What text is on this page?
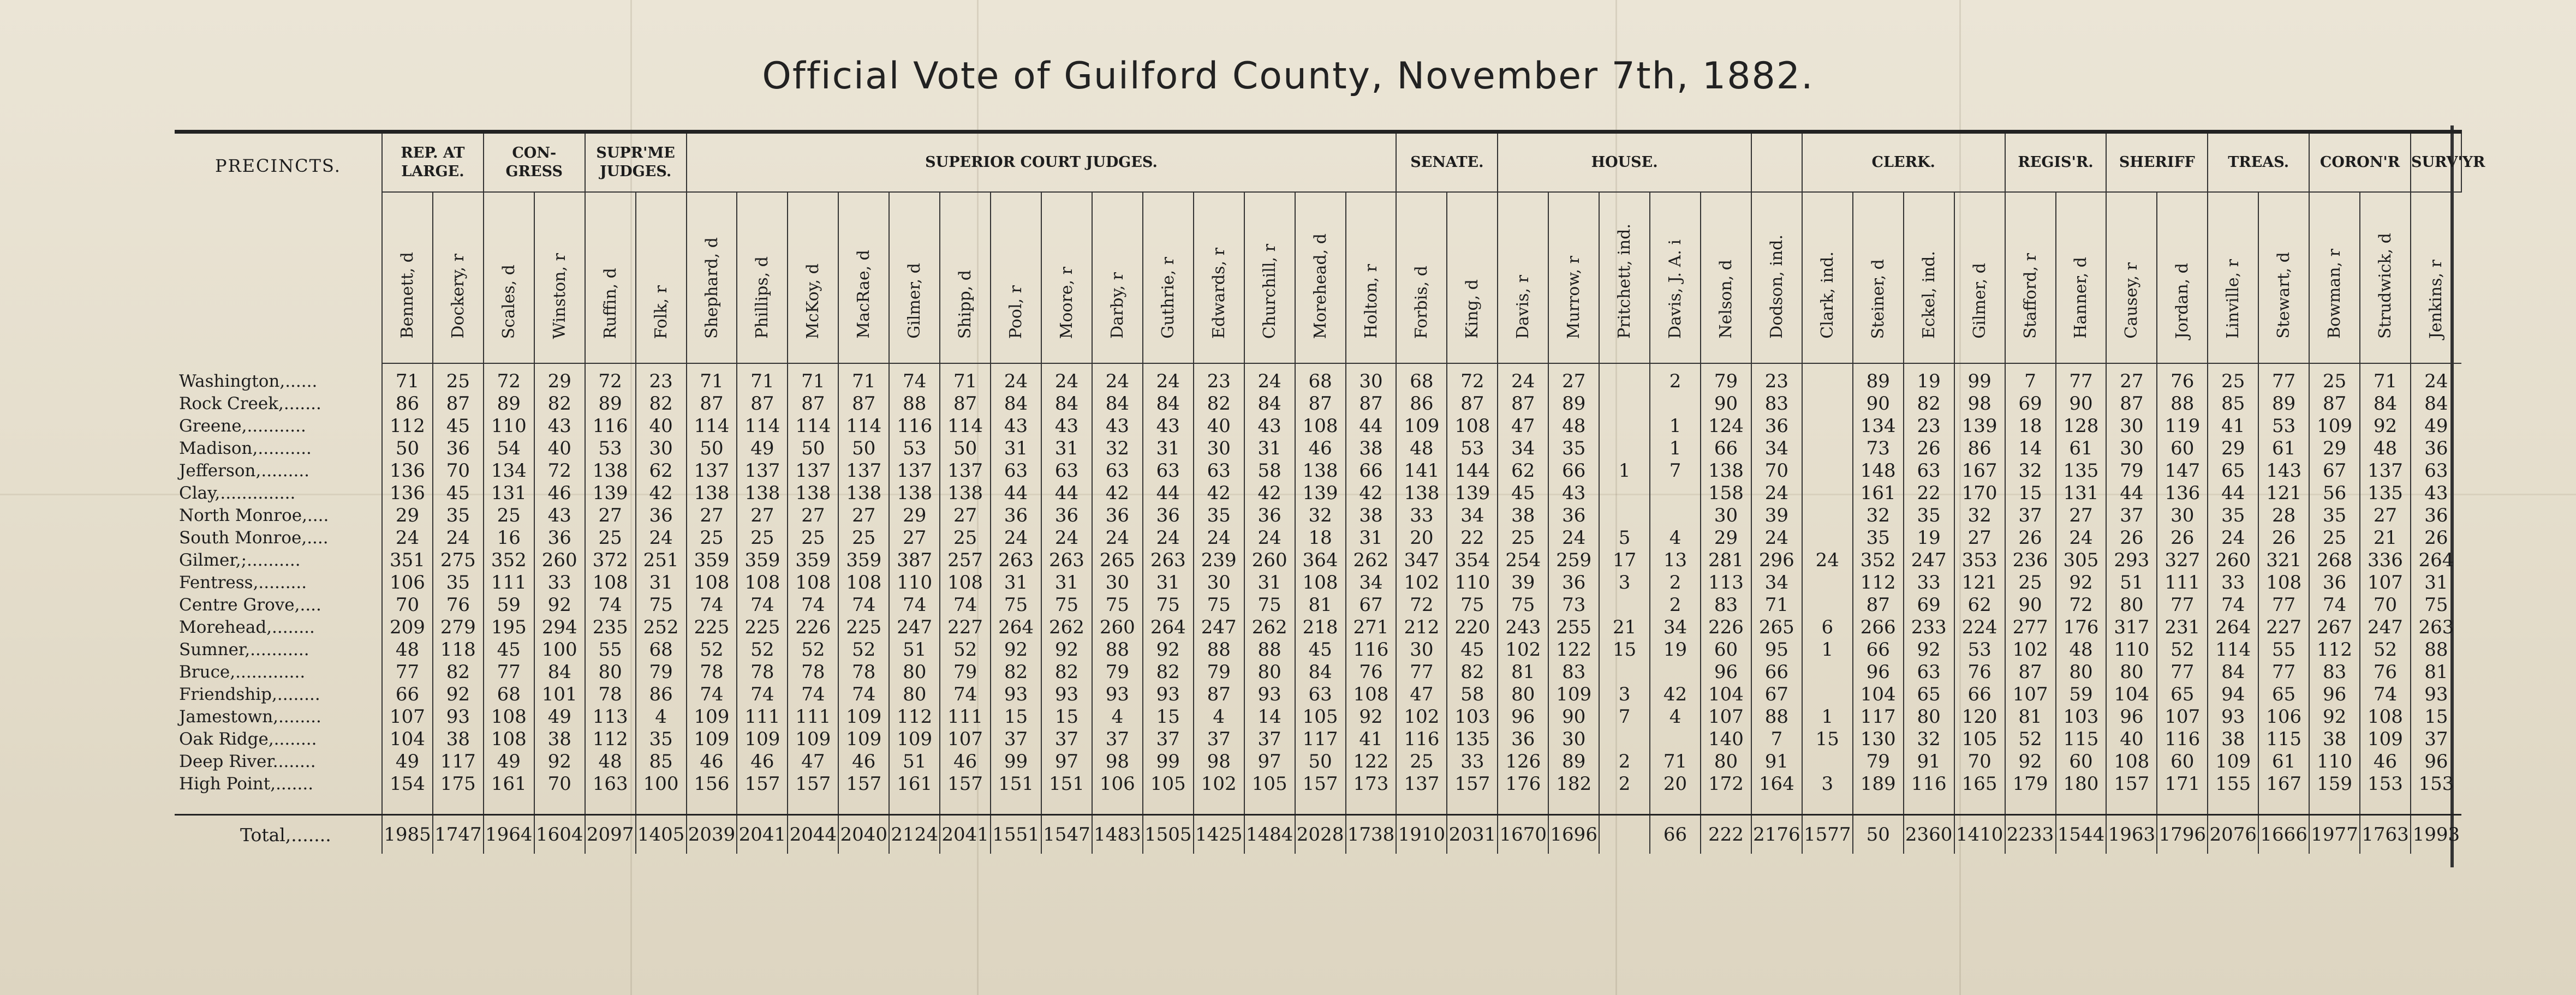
Official Vote of Guilford County, November 7th, 1882.
PRECINCTS.	REP. AT LARGE.		CON- GRESS		SUPR'ME JUDGES.		SUPERIOR COURT JUDGES.														SENATE.		HOUSE.						CLERK.				REGIS'R.		SHERIFF		TREAS.		CORON'R		SURV'YR	
	Bennett, d	Dockery, r	Scales, d	Winston, r	Ruffin, d	Folk, r	Shephard, d	Phillips, d	McKoy, d	MacRae, d	Gilmer, d	Shipp, d	Pool, r	Moore, r	Darby, r	Guthrie, r	Edwards, r	Churchill, r	Morehead, d	Holton, r	Forbis, d	King, d	Davis, r	Murrow, r	Pritchett, ind.	Davis, J. A. i	Nelson, d	Dodson, ind.	Clark, ind.	Steiner, d	Eckel, ind.	Gilmer, d	Stafford, r	Hanner, d	Causey, r	Jordan, d	Linville, r	Stewart, d	Bowman, r	Strudwick, d	Jenkins, r	
Washington,......	71	25	72	29	72	23	71	71	71	71	74	71	24	24	24	24	23	24	68	30	68	72	24	27		2	79	23		89	19	99	7	77	27	76	25	77	25	71	24	
Rock Creek,.......	86	87	89	82	89	82	87	87	87	87	88	87	84	84	84	84	82	84	87	87	86	87	87	89			90	83		90	82	98	69	90	87	88	85	89	87	84	84	
Greene,...........	112	45	110	43	116	40	114	114	114	114	116	114	43	43	43	43	40	43	108	44	109	108	47	48		1	124	36		134	23	139	18	128	30	119	41	53	109	92	49	
Madison,..........	50	36	54	40	53	30	50	49	50	50	53	50	31	31	32	31	30	31	46	38	48	53	34	35		1	66	34		73	26	86	14	61	30	60	29	61	29	48	36	
Jefferson,.........	136	70	134	72	138	62	137	137	137	137	137	137	63	63	63	63	63	58	138	66	141	144	62	66	1	7	138	70		148	63	167	32	135	79	147	65	143	67	137	63	
Clay,..............	136	45	131	46	139	42	138	138	138	138	138	138	44	44	42	44	42	42	139	42	138	139	45	43			158	24		161	22	170	15	131	44	136	44	121	56	135	43	
North Monroe,....	29	35	25	43	27	36	27	27	27	27	29	27	36	36	36	36	35	36	32	38	33	34	38	36			30	39		32	35	32	37	27	37	30	35	28	35	27	36	
South Monroe,....	24	24	16	36	25	24	25	25	25	25	27	25	24	24	24	24	24	24	18	31	20	22	25	24	5	4	29	24		35	19	27	26	24	26	26	24	26	25	21	26	
Gilmer,;..........	351	275	352	260	372	251	359	359	359	359	387	257	263	263	265	263	239	260	364	262	347	354	254	259	17	13	281	296	24	352	247	353	236	305	293	327	260	321	268	336	264	
Fentress,.........	106	35	111	33	108	31	108	108	108	108	110	108	31	31	30	31	30	31	108	34	102	110	39	36	3	2	113	34		112	33	121	25	92	51	111	33	108	36	107	31	
Centre Grove,....	70	76	59	92	74	75	74	74	74	74	74	74	75	75	75	75	75	75	81	67	72	75	75	73		2	83	71		87	69	62	90	72	80	77	74	77	74	70	75	
Morehead,........	209	279	195	294	235	252	225	225	226	225	247	227	264	262	260	264	247	262	218	271	212	220	243	255	21	34	226	265	6	266	233	224	277	176	317	231	264	227	267	247	263	
Sumner,...........	48	118	45	100	55	68	52	52	52	52	51	52	92	92	88	92	88	88	45	116	30	45	102	122	15	19	60	95	1	66	92	53	102	48	110	52	114	55	112	52	88	
Bruce,.............	77	82	77	84	80	79	78	78	78	78	80	79	82	82	79	82	79	80	84	76	77	82	81	83			96	66		96	63	76	87	80	80	77	84	77	83	76	81	
Friendship,........	66	92	68	101	78	86	74	74	74	74	80	74	93	93	93	93	87	93	63	108	47	58	80	109	3	42	104	67		104	65	66	107	59	104	65	94	65	96	74	93	
Jamestown,........	107	93	108	49	113	4	109	111	111	109	112	111	15	15	4	15	4	14	105	92	102	103	96	90	7	4	107	88	1	117	80	120	81	103	96	107	93	106	92	108	15	
Oak Ridge,........	104	38	108	38	112	35	109	109	109	109	109	107	37	37	37	37	37	37	117	41	116	135	36	30			140	7	15	130	32	105	52	115	40	116	38	115	38	109	37	
Deep River........	49	117	49	92	48	85	46	46	47	46	51	46	99	97	98	99	98	97	50	122	25	33	126	89	2	71	80	91		79	91	70	92	60	108	60	109	61	110	46	96	
High Point,.......	154	175	161	70	163	100	156	157	157	157	161	157	151	151	106	105	102	105	157	173	137	157	176	182	2	20	172	164	3	189	116	165	179	180	157	171	155	167	159	153	153	

Total,.......	1985	1747	1964	1604	2097	1405	2039	2041	2044	2040	2124	2041	1551	1547	1483	1505	1425	1484	2028	1738	1910	2031	1670	1696		66	222	2176	1577	50	2360	1410	2233	1544	1963	1796	2076	1666	1977	1763	1993	
